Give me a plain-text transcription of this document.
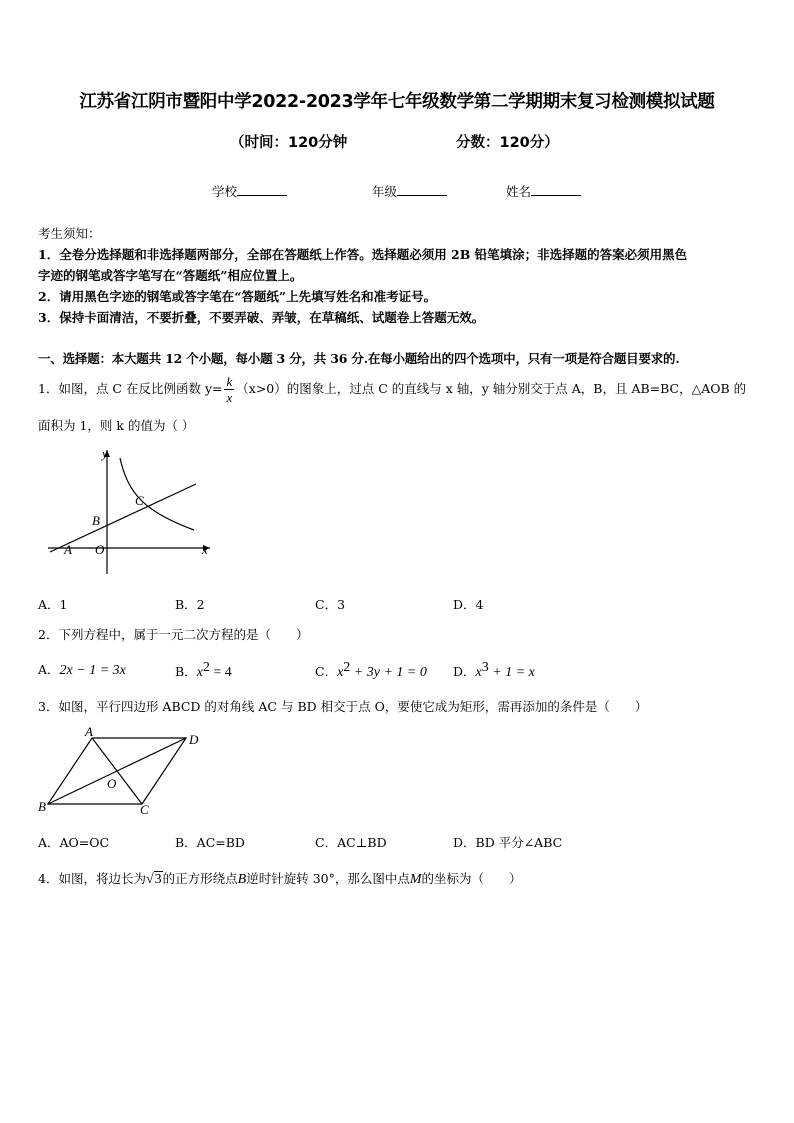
江苏省江阴市暨阳中学2022-2023学年七年级数学第二学期期末复习检测模拟试题
（时间：120分钟	分数：120分）
学校	年级	姓名
考生须知：
1．全卷分选择题和非选择题两部分，全部在答题纸上作答。选择题必须用 2B 铅笔填涂；非选择题的答案必须用黑色
字迹的钢笔或答字笔写在“答题纸”相应位置上。
2．请用黑色字迹的钢笔或答字笔在“答题纸”上先填写姓名和准考证号。
3．保持卡面清洁，不要折叠，不要弄破、弄皱，在草稿纸、试题卷上答题无效。
一、选择题：本大题共 12 个小题，每小题 3 分，共 36 分.在每小题给出的四个选项中，只有一项是符合题目要求的.
1．如图，点 C 在反比例函数 $y= \frac{k}{x} (x>0)$的图象上，过点 C 的直线与 x 轴，y 轴分别交于点 A，B，且 AB=BC，△AOB 的
面积为 1，则 k 的值为（ ）
y
x
O
A
B
C
A．1	B．2	C．3	D．4
2．下列方程中，属于一元二次方程的是（　　）
A．2x − 1 = 3x	B．$x^2 = 4$	C．$x^2 + 3y + 1 = 0$ D．$x^3 + 1 = x$
3．如图，平行四边形 ABCD 的对角线 AC 与 BD 相交于点 O，要使它成为矩形，需再添加的条件是（　　）
A
D
B	C
O
A．AO=OC	B．AC=BD	C．AC⊥BD	D．BD 平分∠ABC
4．如图，将边长为√3的正方形绕点B逆时针旋转 30°，那么图中点M的坐标为（　　）
